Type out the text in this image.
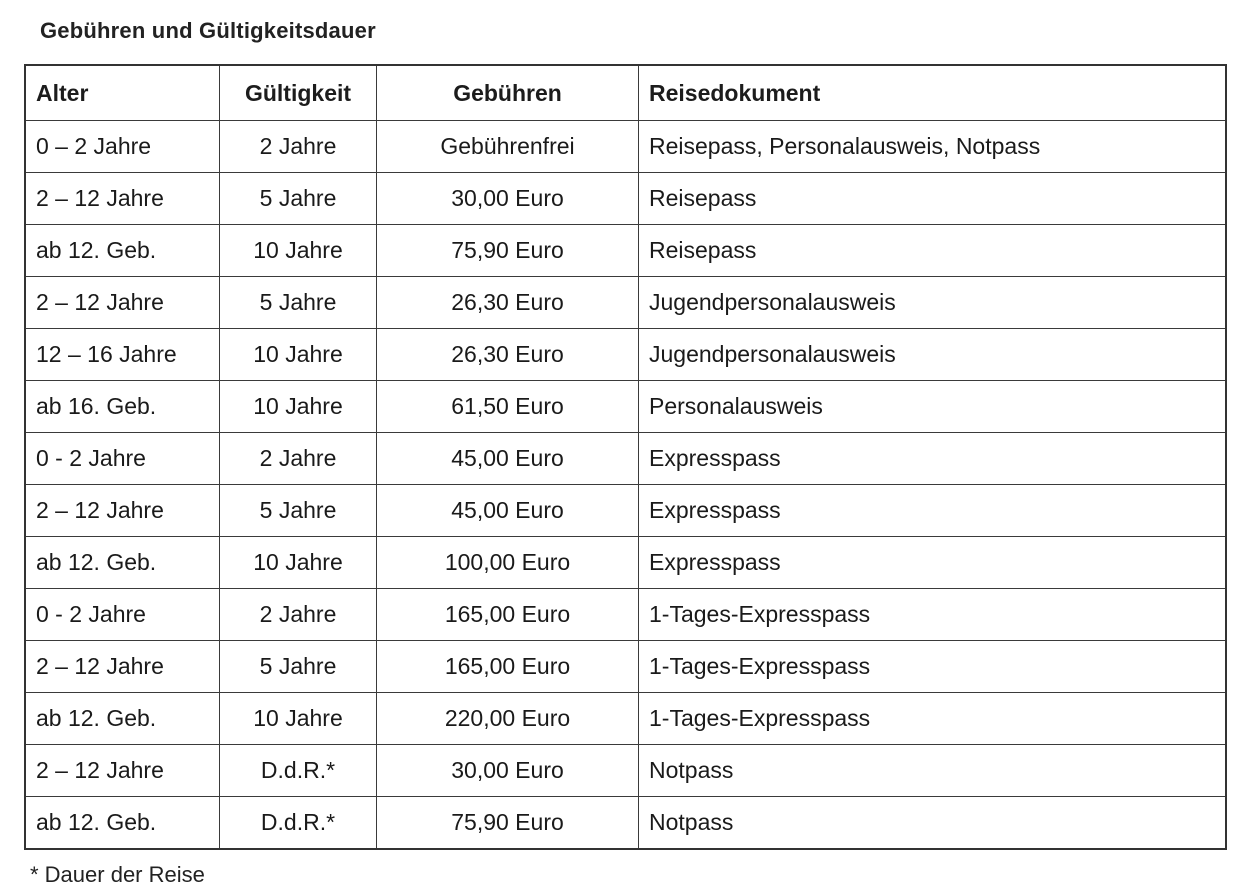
Gebühren und Gültigkeitsdauer
Alter	Gültigkeit	Gebühren	Reisedokument
0 – 2 Jahre	2 Jahre	Gebührenfrei	Reisepass, Personalausweis, Notpass
2 – 12 Jahre	5 Jahre	30,00 Euro	Reisepass
ab 12. Geb.	10 Jahre	75,90 Euro	Reisepass
2 – 12 Jahre	5 Jahre	26,30 Euro	Jugendpersonalausweis
12 – 16 Jahre	10 Jahre	26,30 Euro	Jugendpersonalausweis
ab 16. Geb.	10 Jahre	61,50 Euro	Personalausweis
0 - 2 Jahre	2 Jahre	45,00 Euro	Expresspass
2 – 12 Jahre	5 Jahre	45,00 Euro	Expresspass
ab 12. Geb.	10 Jahre	100,00 Euro	Expresspass
0 - 2 Jahre	2 Jahre	165,00 Euro	1-Tages-Expresspass
2 – 12 Jahre	5 Jahre	165,00 Euro	1-Tages-Expresspass
ab 12. Geb.	10 Jahre	220,00 Euro	1-Tages-Expresspass
2 – 12 Jahre	D.d.R.*	30,00 Euro	Notpass
ab 12. Geb.	D.d.R.*	75,90 Euro	Notpass
* Dauer der Reise
